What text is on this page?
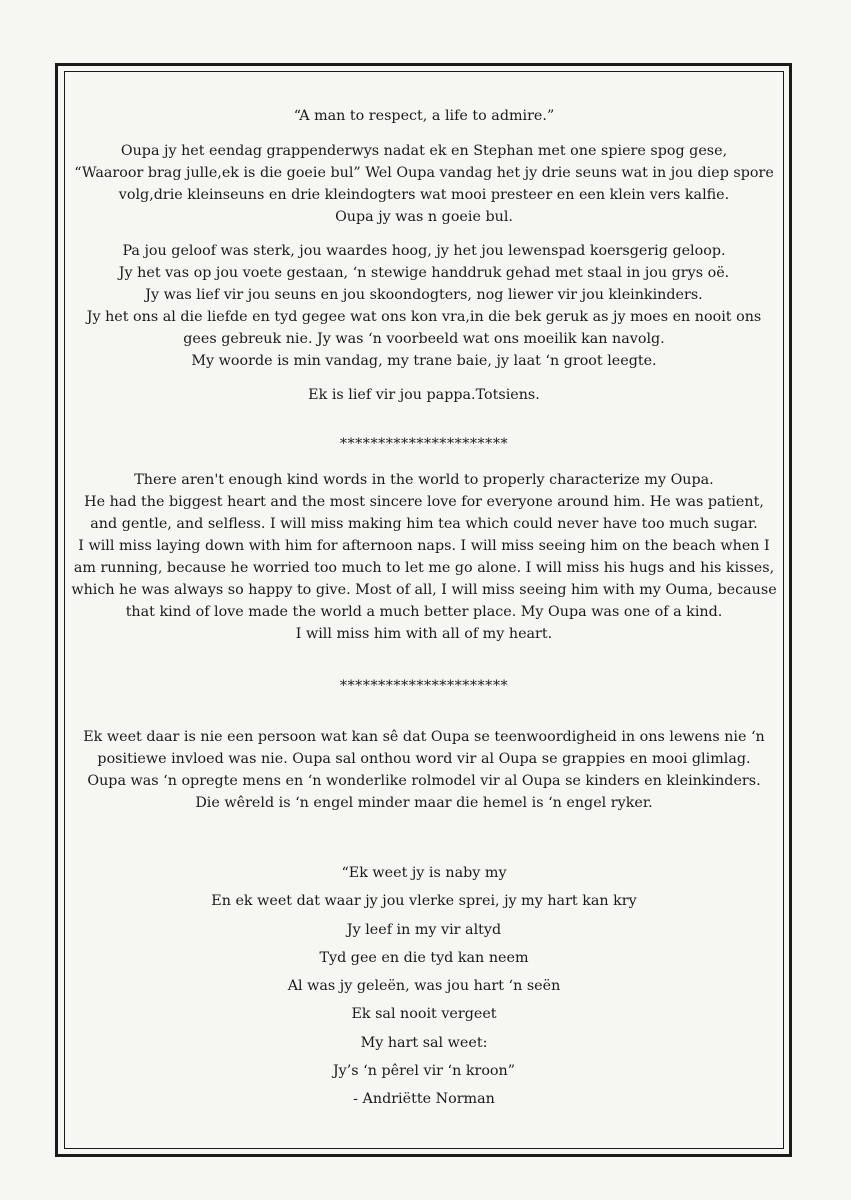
“A man to respect, a life to admire.”
Oupa jy het eendag grappenderwys nadat ek en Stephan met one spiere spog gese,
“Waaroor brag julle,ek is die goeie bul” Wel Oupa vandag het jy drie seuns wat in jou diep spore
volg,drie kleinseuns en drie kleindogters wat mooi presteer en een klein vers kalfie.
Oupa jy was n goeie bul.
Pa jou geloof was sterk, jou waardes hoog, jy het jou lewenspad koersgerig geloop.
Jy het vas op jou voete gestaan, ‘n stewige handdruk gehad met staal in jou grys oë.
Jy was lief vir jou seuns en jou skoondogters, nog liewer vir jou kleinkinders.
Jy het ons al die liefde en tyd gegee wat ons kon vra,in die bek geruk as jy moes en nooit ons
gees gebreuk nie. Jy was ‘n voorbeeld wat ons moeilik kan navolg.
My woorde is min vandag, my trane baie, jy laat ‘n groot leegte.
Ek is lief vir jou pappa.Totsiens.
**********************
There aren't enough kind words in the world to properly characterize my Oupa.
He had the biggest heart and the most sincere love for everyone around him. He was patient,
and gentle, and selfless. I will miss making him tea which could never have too much sugar.
I will miss laying down with him for afternoon naps. I will miss seeing him on the beach when I
am running, because he worried too much to let me go alone. I will miss his hugs and his kisses,
which he was always so happy to give. Most of all, I will miss seeing him with my Ouma, because
that kind of love made the world a much better place. My Oupa was one of a kind.
I will miss him with all of my heart.
**********************
Ek weet daar is nie een persoon wat kan sê dat Oupa se teenwoordigheid in ons lewens nie ‘n
positiewe invloed was nie. Oupa sal onthou word vir al Oupa se grappies en mooi glimlag.
Oupa was ‘n opregte mens en ‘n wonderlike rolmodel vir al Oupa se kinders en kleinkinders.
Die wêreld is ‘n engel minder maar die hemel is ‘n engel ryker.
“Ek weet jy is naby my
En ek weet dat waar jy jou vlerke sprei, jy my hart kan kry
Jy leef in my vir altyd
Tyd gee en die tyd kan neem
Al was jy geleën, was jou hart ‘n seën
Ek sal nooit vergeet
My hart sal weet:
Jy’s ‘n pêrel vir ‘n kroon”
- Andriëtte Norman
